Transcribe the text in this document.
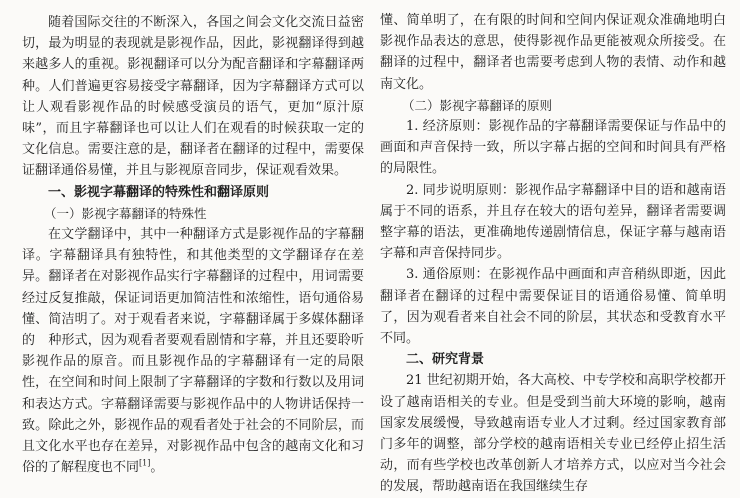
随着国际交往的不断深入，各国之间会文化交流日益密切，最为明显的表现就是影视作品，因此，影视翻译得到越来越多人的重视。影视翻译可以分为配音翻译和字幕翻译两种。人们普遍更容易接受字幕翻译，因为字幕翻译方式可以让人观看影视作品的时候感受演员的语气，更加“原汁原味”，而且字幕翻译也可以让人们在观看的时候获取一定的文化信息。需要注意的是，翻译者在翻译的过程中，需要保证翻译通俗易懂，并且与影视原音同步，保证观看效果。

一、影视字幕翻译的特殊性和翻译原则
（一）影视字幕翻译的特殊性

在文学翻译中，其中一种翻译方式是影视作品的字幕翻译。字幕翻译具有独特性，和其他类型的文学翻译存在差异。翻译者在对影视作品实行字幕翻译的过程中，用词需要经过反复推敲，保证词语更加简洁性和浓缩性，语句通俗易懂、简洁明了。对于观看者来说，字幕翻译属于多媒体翻译的　种形式，因为观看者要观看剧情和字幕，并且还要聆听影视作品的原音。而且影视作品的字幕翻译有一定的局限性，在空间和时间上限制了字幕翻译的字数和行数以及用词和表达方式。字幕翻译需要与影视作品中的人物讲话保持一致。除此之外，影视作品的观看者处于社会的不同阶层，而且文化水平也存在差异，对影视作品中包含的越南文化和习俗的了解程度也不同[1]。

懂、简单明了，在有限的时间和空间内保证观众准确地明白影视作品表达的意思，使得影视作品更能被观众所接受。在翻译的过程中，翻译者也需要考虑到人物的表情、动作和越南文化。

（二）影视字幕翻译的原则

1. 经济原则：影视作品的字幕翻译需要保证与作品中的画面和声音保持一致，所以字幕占据的空间和时间具有严格的局限性。

2. 同步说明原则：影视作品字幕翻译中目的语和越南语属于不同的语系，并且存在较大的语句差异，翻译者需要调整字幕的语法，更准确地传递剧情信息，保证字幕与越南语字幕和声音保持同步。

3. 通俗原则：在影视作品中画面和声音稍纵即逝，因此翻译者在翻译的过程中需要保证目的语通俗易懂、简单明了，因为观看者来自社会不同的阶层，其状态和受教育水平不同。

二、研究背景

21 世纪初期开始，各大高校、中专学校和高职学校都开设了越南语相关的专业。但是受到当前大环境的影响，越南国家发展缓慢，导致越南语专业人才过剩。经过国家教育部门多年的调整，部分学校的越南语相关专业已经停止招生活动，而有些学校也改革创新人才培养方式，以应对当今社会的发展，帮助越南语在我国继续生存
